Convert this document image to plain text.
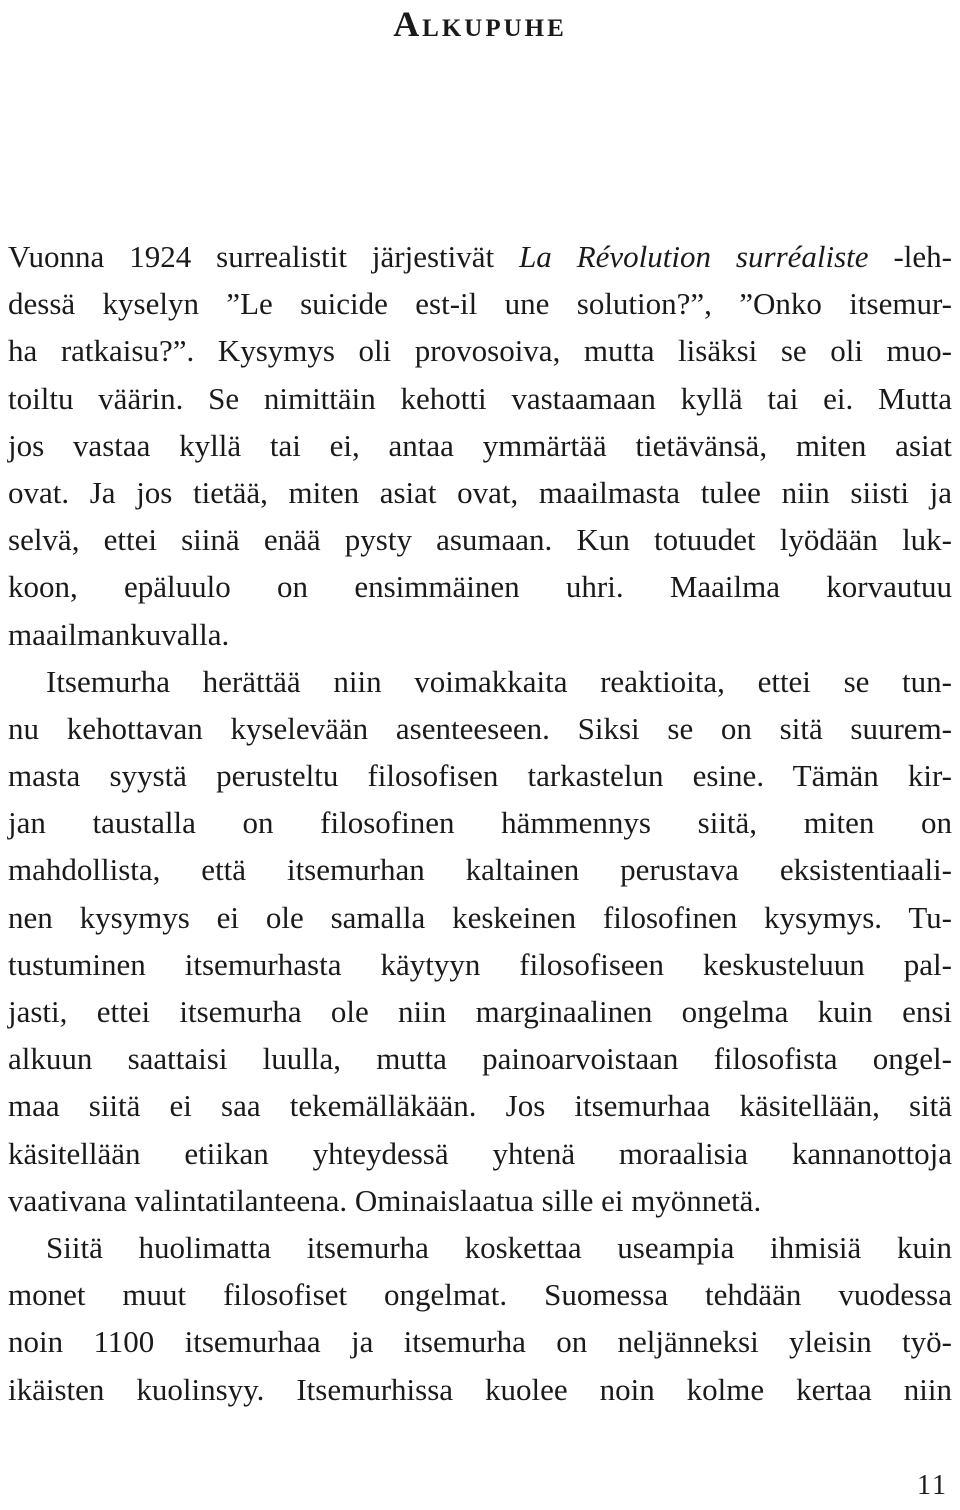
Alkupuhe
Vuonna 1924 surrealistit järjestivät La Révolution surréaliste -leh-
dessä kyselyn ”Le suicide est-il une solution?”, ”Onko itsemur-
ha ratkaisu?”. Kysymys oli provosoiva, mutta lisäksi se oli muo-
toiltu väärin. Se nimittäin kehotti vastaamaan kyllä tai ei. Mutta
jos vastaa kyllä tai ei, antaa ymmärtää tietävänsä, miten asiat
ovat. Ja jos tietää, miten asiat ovat, maailmasta tulee niin siisti ja
selvä, ettei siinä enää pysty asumaan. Kun totuudet lyödään luk-
koon, epäluulo on ensimmäinen uhri. Maailma korvautuu
maailmankuvalla.
Itsemurha herättää niin voimakkaita reaktioita, ettei se tun-
nu kehottavan kyselevään asenteeseen. Siksi se on sitä suurem-
masta syystä perusteltu filosofisen tarkastelun esine. Tämän kir-
jan taustalla on filosofinen hämmennys siitä, miten on
mahdollista, että itsemurhan kaltainen perustava eksistentiaali-
nen kysymys ei ole samalla keskeinen filosofinen kysymys. Tu-
tustuminen itsemurhasta käytyyn filosofiseen keskusteluun pal-
jasti, ettei itsemurha ole niin marginaalinen ongelma kuin ensi
alkuun saattaisi luulla, mutta painoarvoistaan filosofista ongel-
maa siitä ei saa tekemälläkään. Jos itsemurhaa käsitellään, sitä
käsitellään etiikan yhteydessä yhtenä moraalisia kannanottoja
vaativana valintatilanteena. Ominaislaatua sille ei myönnetä.
Siitä huolimatta itsemurha koskettaa useampia ihmisiä kuin
monet muut filosofiset ongelmat. Suomessa tehdään vuodessa
noin 1100 itsemurhaa ja itsemurha on neljänneksi yleisin työ-
ikäisten kuolinsyy. Itsemurhissa kuolee noin kolme kertaa niin
11
